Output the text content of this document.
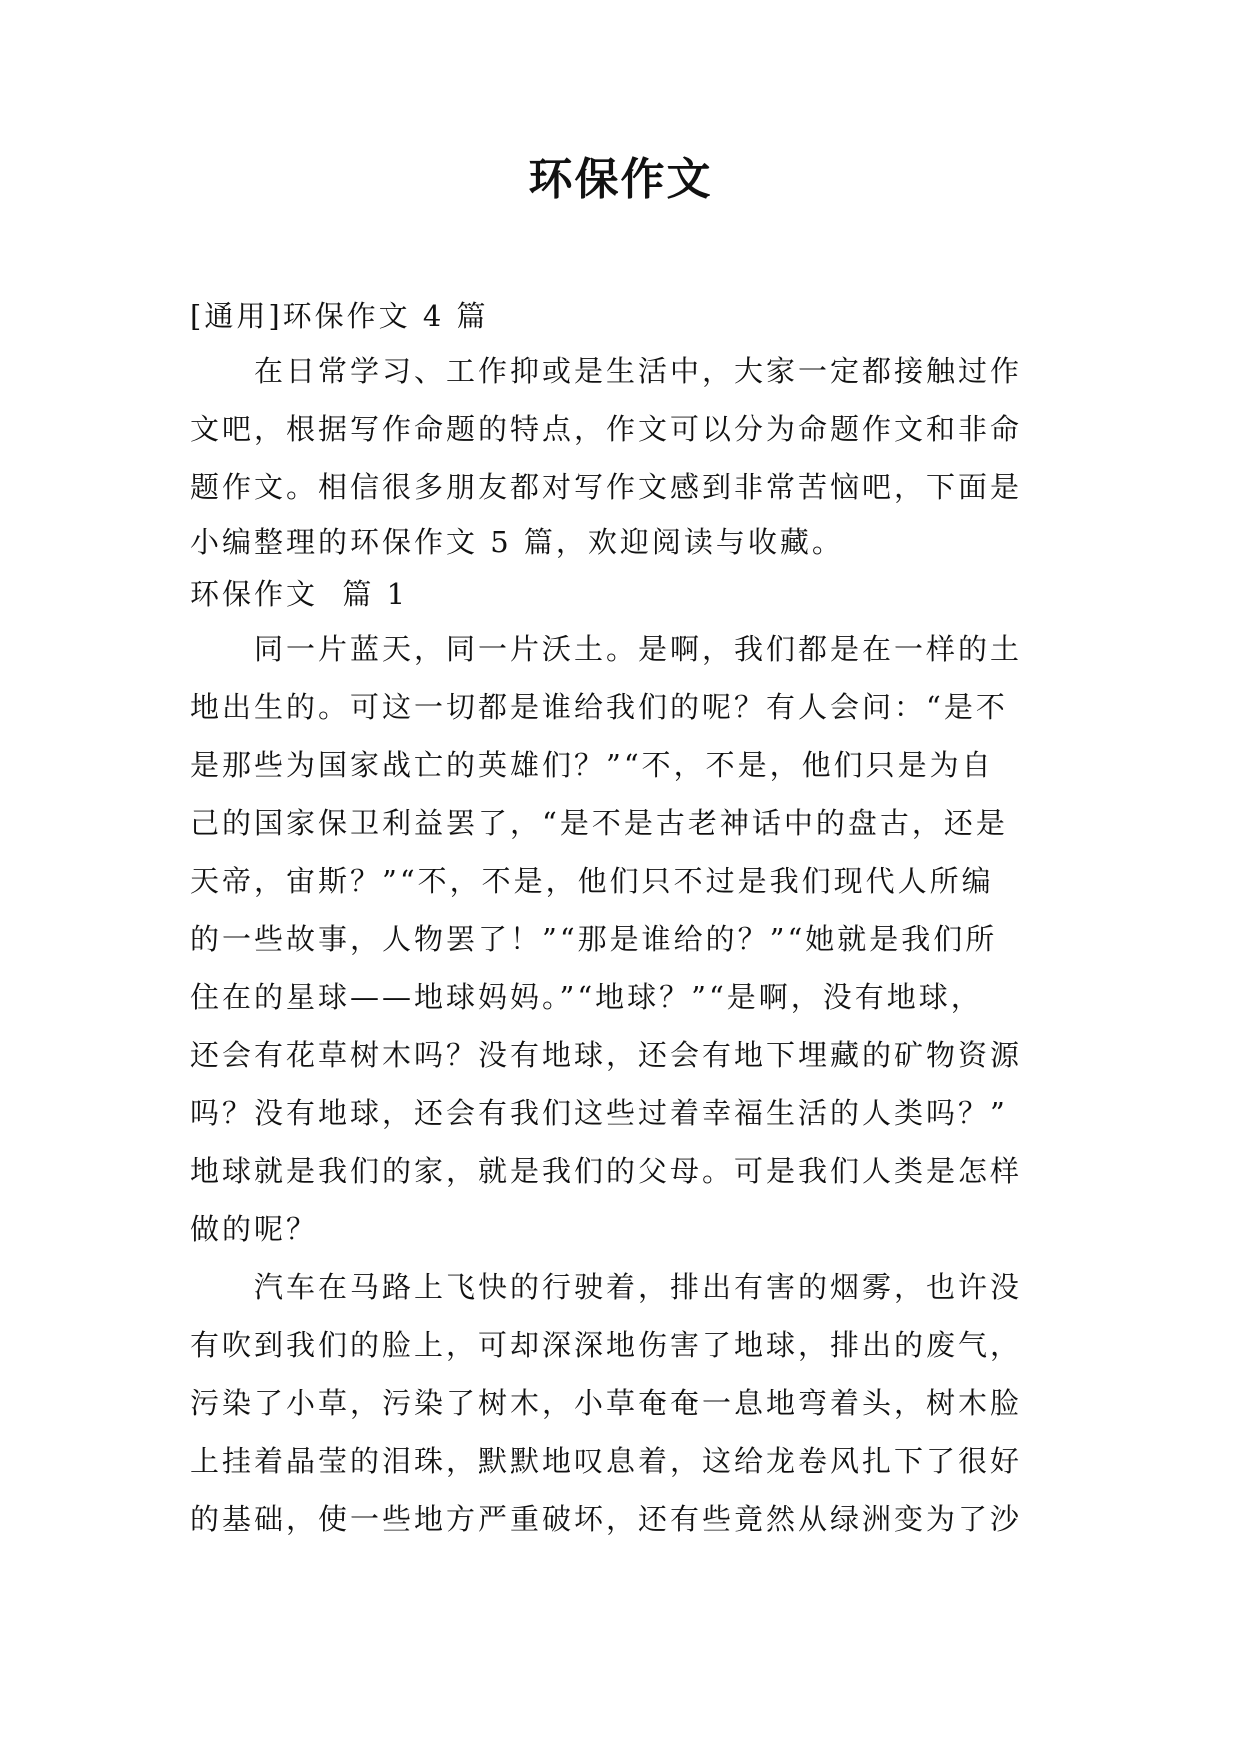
环保作文
[通用]环保作文 4 篇
　　在日常学习、工作抑或是生活中，大家一定都接触过作
文吧，根据写作命题的特点，作文可以分为命题作文和非命
题作文。相信很多朋友都对写作文感到非常苦恼吧，下面是
小编整理的环保作文 5 篇，欢迎阅读与收藏。
环保作文  篇 1
　　同一片蓝天，同一片沃土。是啊，我们都是在一样的土
地出生的。可这一切都是谁给我们的呢？有人会问：“是不
是那些为国家战亡的英雄们？”“不，不是，他们只是为自
己的国家保卫利益罢了，“是不是古老神话中的盘古，还是
天帝，宙斯？”“不，不是，他们只不过是我们现代人所编
的一些故事，人物罢了！”“那是谁给的？”“她就是我们所
住在的星球——地球妈妈。”“地球？”“是啊，没有地球，
还会有花草树木吗？没有地球，还会有地下埋藏的矿物资源
吗？没有地球，还会有我们这些过着幸福生活的人类吗？”
地球就是我们的家，就是我们的父母。可是我们人类是怎样
做的呢？
　　汽车在马路上飞快的行驶着，排出有害的烟雾，也许没
有吹到我们的脸上，可却深深地伤害了地球，排出的废气，
污染了小草，污染了树木，小草奄奄一息地弯着头，树木脸
上挂着晶莹的泪珠，默默地叹息着，这给龙卷风扎下了很好
的基础，使一些地方严重破坏，还有些竟然从绿洲变为了沙
